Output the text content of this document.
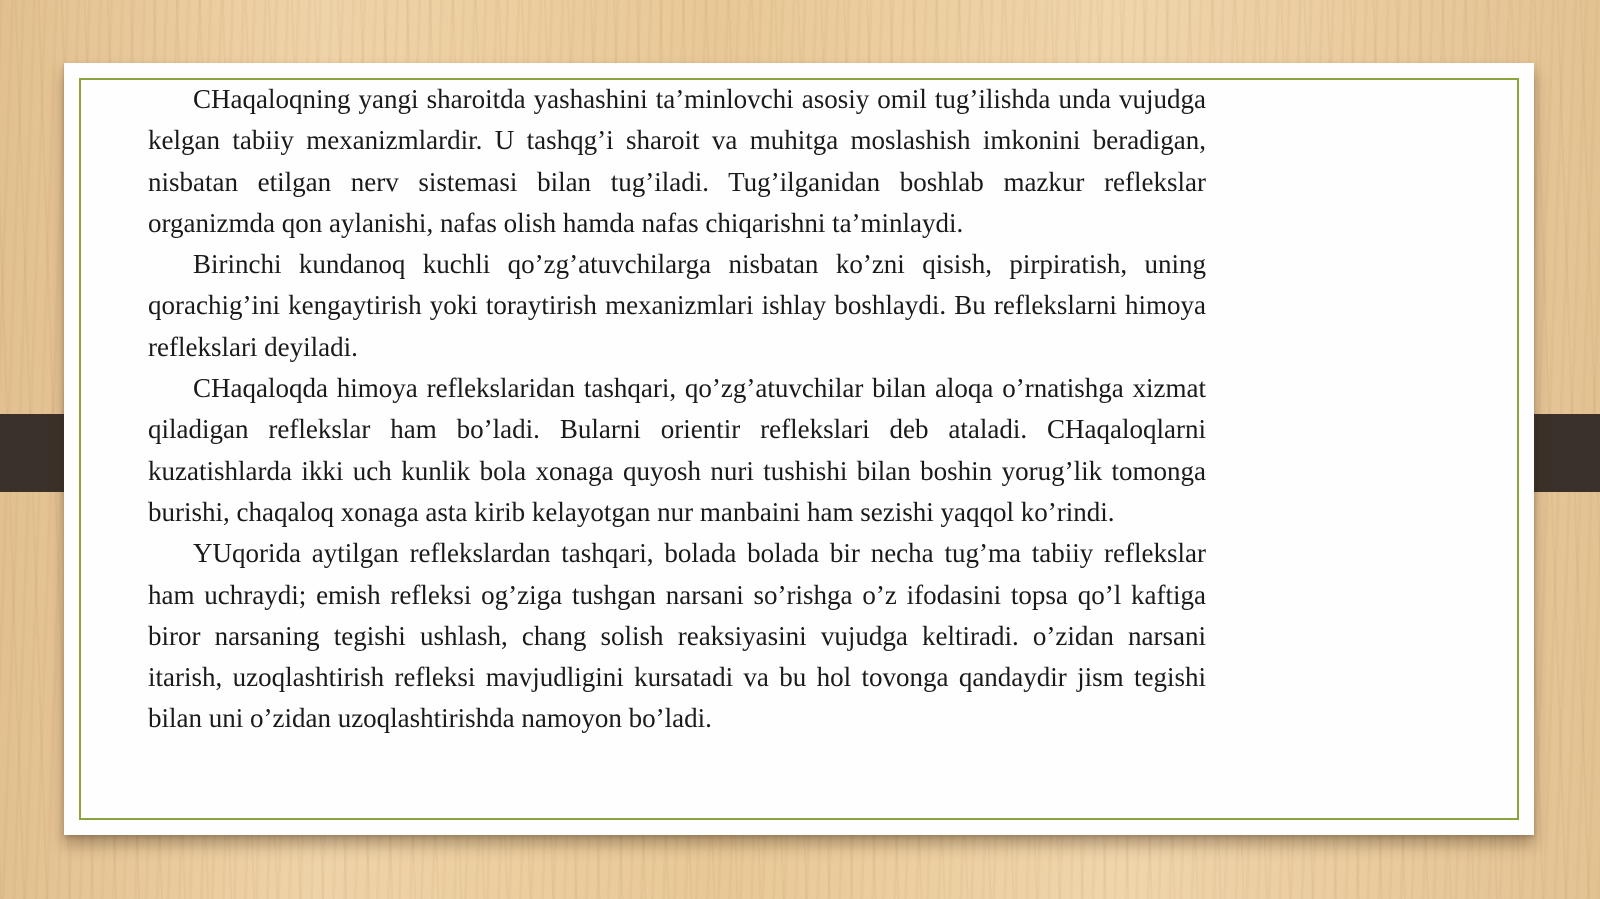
CHaqaloqning yangi sharoitda yashashini ta’minlovchi asosiy omil tug’ilishda unda vujudga kelgan tabiiy mexanizmlardir. U tashqg’i sharoit va muhitga moslashish imkonini beradigan, nisbatan etilgan nerv sistemasi bilan tug’iladi. Tug’ilganidan boshlab mazkur reflekslar organizmda qon aylanishi, nafas olish hamda nafas chiqarishni ta’minlaydi.

Birinchi kundanoq kuchli qo’zg’atuvchilarga nisbatan ko’zni qisish, pirpiratish, uning qorachig’ini kengaytirish yoki toraytirish mexanizmlari ishlay boshlaydi. Bu reflekslarni himoya reflekslari deyiladi.

CHaqaloqda himoya reflekslaridan tashqari, qo’zg’atuvchilar bilan aloqa o’rnatishga xizmat qiladigan reflekslar ham bo’ladi. Bularni orientir reflekslari deb ataladi. CHaqaloqlarni kuzatishlarda ikki uch kunlik bola xonaga quyosh nuri tushishi bilan boshin yorug’lik tomonga burishi, chaqaloq xonaga asta kirib kelayotgan nur manbaini ham sezishi yaqqol ko’rindi.

YUqorida aytilgan reflekslardan tashqari, bolada bolada bir necha tug’ma tabiiy reflekslar ham uchraydi; emish refleksi og’ziga tushgan narsani so’rishga o’z ifodasini topsa qo’l kaftiga biror narsaning tegishi ushlash, chang solish reaksiyasini vujudga keltiradi. o’zidan narsani itarish, uzoqlashtirish refleksi mavjudligini kursatadi va bu hol tovonga qandaydir jism tegishi bilan uni o’zidan uzoqlashtirishda namoyon bo’ladi.
